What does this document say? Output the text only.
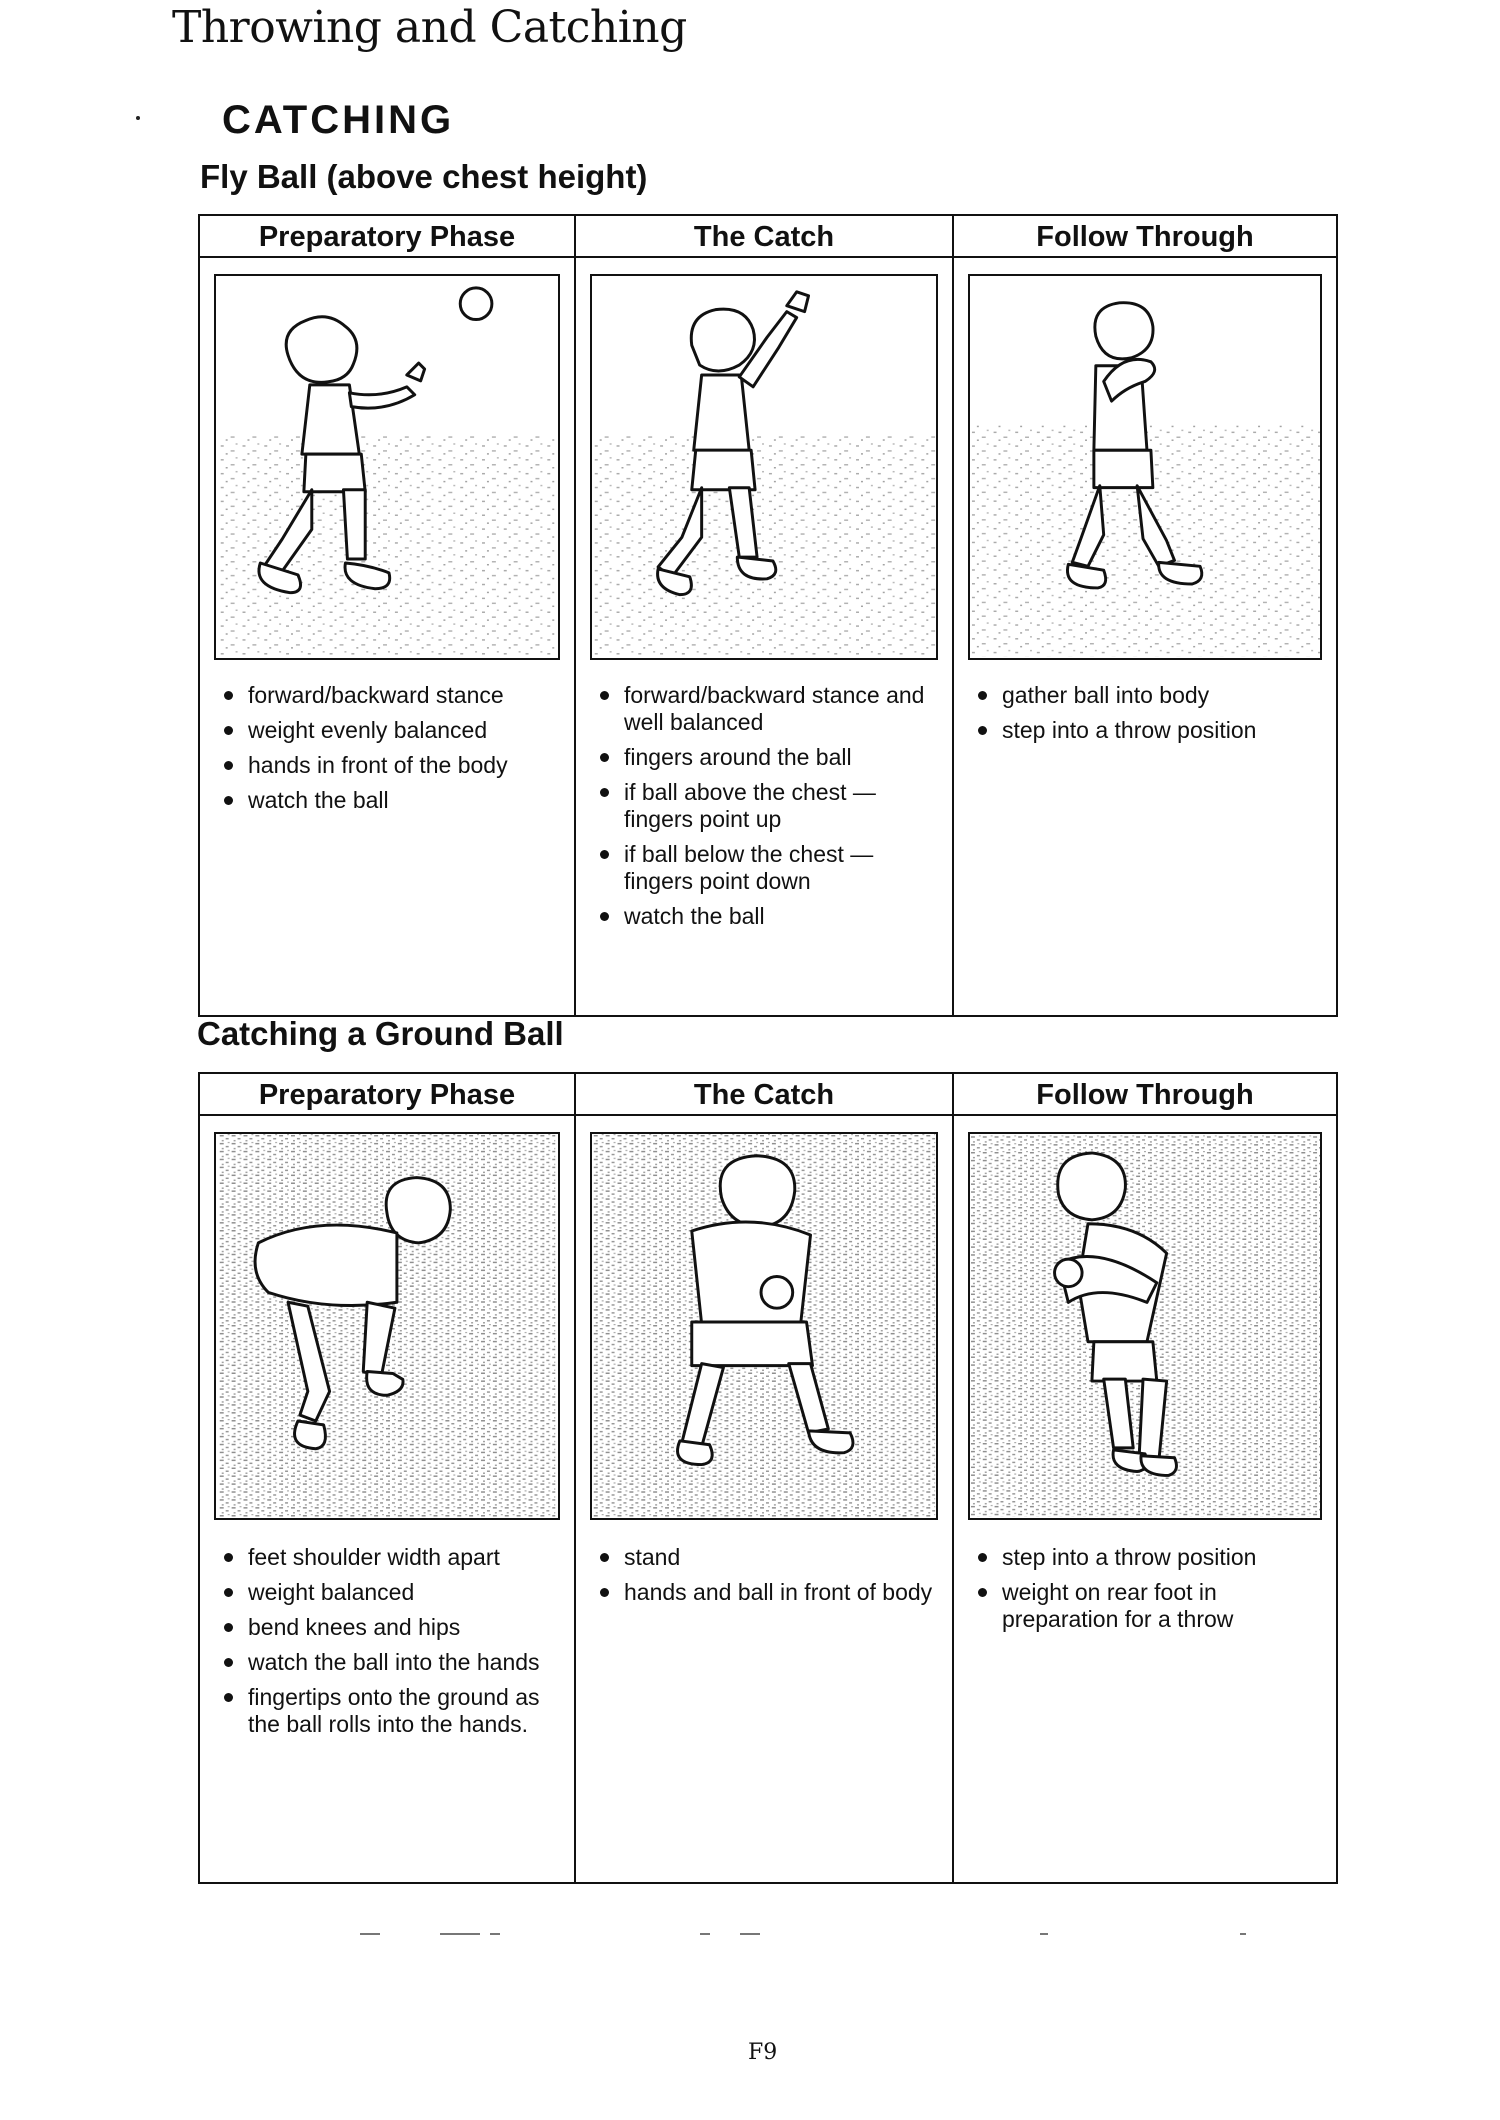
Throwing and Catching
CATCHING
Fly Ball (above chest height)
Preparatory Phase
forward/backward stance
weight evenly balanced
hands in front of the body
watch the ball
The Catch
forward/backward stance and well balanced
fingers around the ball
if ball above the chest — fingers point up
if ball below the chest — fingers point down
watch the ball
Follow Through
gather ball into body
step into a throw position
Catching a Ground Ball
Preparatory Phase
feet shoulder width apart
weight balanced
bend knees and hips
watch the ball into the hands
fingertips onto the ground as the ball rolls into the hands.
The Catch
stand
hands and ball in front of body
Follow Through
step into a throw position
weight on rear foot in preparation for a throw
F9
